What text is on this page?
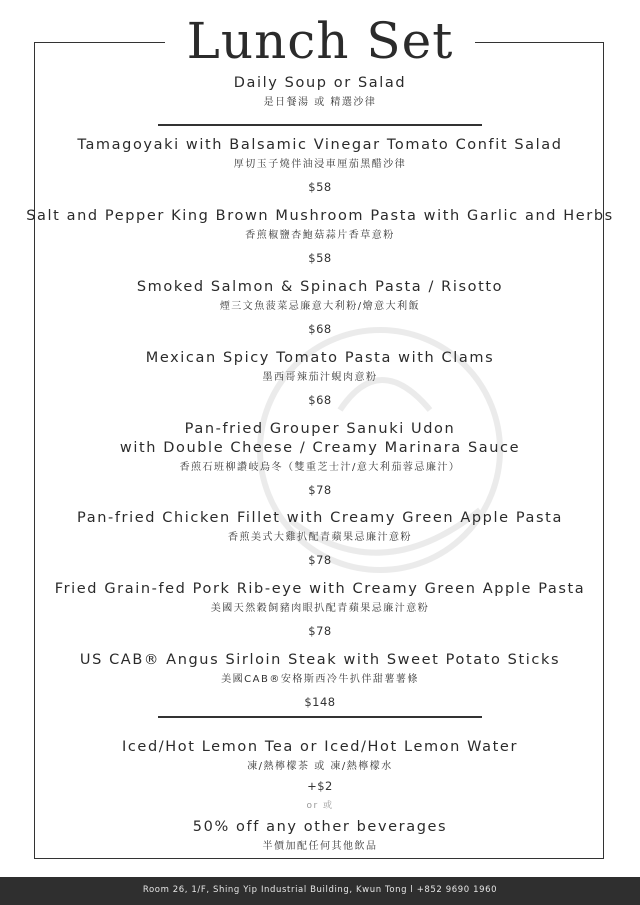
Lunch Set
Daily Soup or Salad
是日餐湯 或 精選沙律
Tamagoyaki with Balsamic Vinegar Tomato Confit Salad
厚切玉子燒伴油浸車厘茄黑醋沙律
$58
Salt and Pepper King Brown Mushroom Pasta with Garlic and Herbs
香煎椒鹽杏鮑菇蒜片香草意粉
$58
Smoked Salmon & Spinach Pasta / Risotto
煙三文魚菠菜忌廉意大利粉/燴意大利飯
$68
Mexican Spicy Tomato Pasta with Clams
墨西哥辣茄汁蜆肉意粉
$68
Pan-fried Grouper Sanuki Udon
with Double Cheese / Creamy Marinara Sauce
香煎石班柳讚岐烏冬（雙重芝士汁/意大利茄蓉忌廉汁）
$78
Pan-fried Chicken Fillet with Creamy Green Apple Pasta
香煎美式大雞扒配青蘋果忌廉汁意粉
$78
Fried Grain-fed Pork Rib-eye with Creamy Green Apple Pasta
美國天然穀飼豬肉眼扒配青蘋果忌廉汁意粉
$78
US CAB® Angus Sirloin Steak with Sweet Potato Sticks
美國CAB®安格斯西冷牛扒伴甜薯薯條
$148
Iced/Hot Lemon Tea or Iced/Hot Lemon Water
凍/熱檸檬茶 或 凍/熱檸檬水
+$2
or 或
50% off any other beverages
半價加配任何其他飲品
Room 26, 1/F, Shing Yip Industrial Building, Kwun Tong l +852 9690 1960
